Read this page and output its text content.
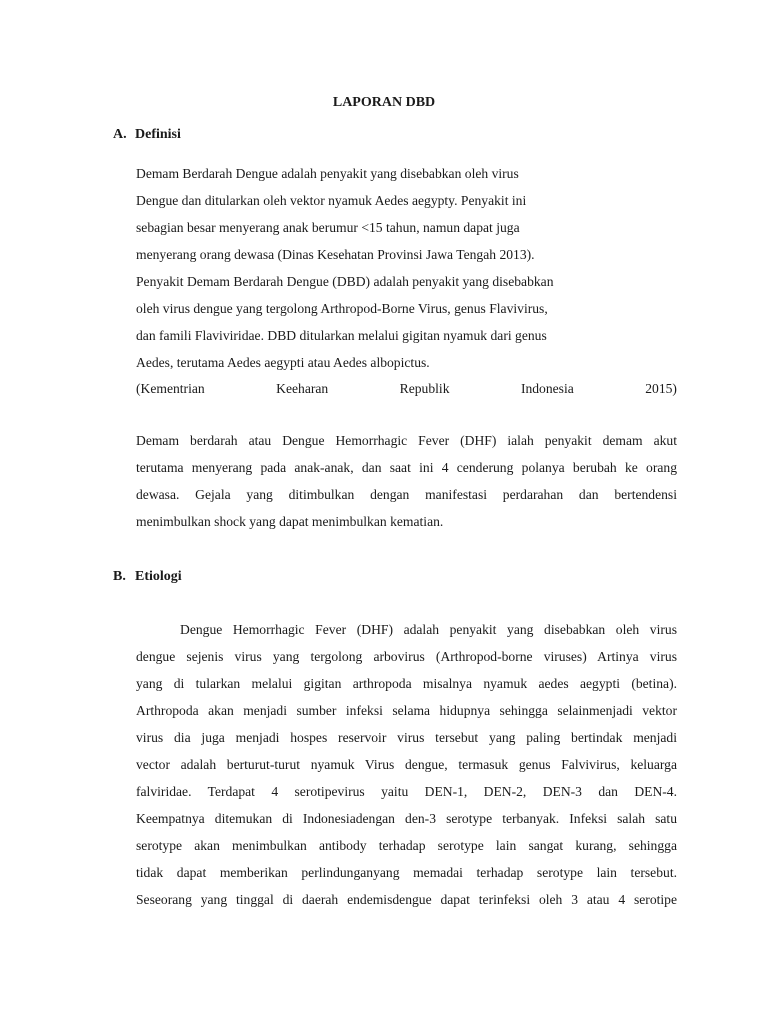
LAPORAN DBD
A. Definisi
Demam Berdarah Dengue adalah penyakit yang disebabkan oleh virus
Dengue dan ditularkan oleh vektor nyamuk Aedes aegypty. Penyakit ini
sebagian besar menyerang anak berumur <15 tahun, namun dapat juga
menyerang orang dewasa (Dinas Kesehatan Provinsi Jawa Tengah 2013).
Penyakit Demam Berdarah Dengue (DBD) adalah penyakit yang disebabkan
oleh virus dengue yang tergolong Arthropod-Borne Virus, genus Flavivirus,
dan famili Flaviviridae. DBD ditularkan melalui gigitan nyamuk dari genus
Aedes, terutama Aedes aegypti atau Aedes albopictus.
(Kementrian	Keeharan	Republik	Indonesia	2015)
Demam berdarah atau Dengue Hemorrhagic Fever (DHF) ialah penyakit demam akut
terutama menyerang pada anak-anak, dan saat ini 4 cenderung polanya berubah ke orang
dewasa. Gejala yang ditimbulkan dengan manifestasi perdarahan dan bertendensi
menimbulkan shock yang dapat menimbulkan kematian.
B. Etiologi
Dengue Hemorrhagic Fever (DHF) adalah penyakit yang disebabkan oleh virus
dengue sejenis virus yang tergolong arbovirus (Arthropod-borne viruses) Artinya virus
yang di tularkan melalui gigitan arthropoda misalnya nyamuk aedes aegypti (betina).
Arthropoda akan menjadi sumber infeksi selama hidupnya sehingga selainmenjadi vektor
virus dia juga menjadi hospes reservoir virus tersebut yang paling bertindak menjadi
vector adalah berturut-turut nyamuk Virus dengue, termasuk genus Falvivirus, keluarga
falviridae. Terdapat 4 serotipevirus yaitu DEN-1, DEN-2, DEN-3 dan DEN-4.
Keempatnya ditemukan di Indonesiadengan den-3 serotype terbanyak. Infeksi salah satu
serotype akan menimbulkan antibody terhadap serotype lain sangat kurang, sehingga
tidak dapat memberikan perlindunganyang memadai terhadap serotype lain tersebut.
Seseorang yang tinggal di daerah endemisdengue dapat terinfeksi oleh 3 atau 4 serotipe
